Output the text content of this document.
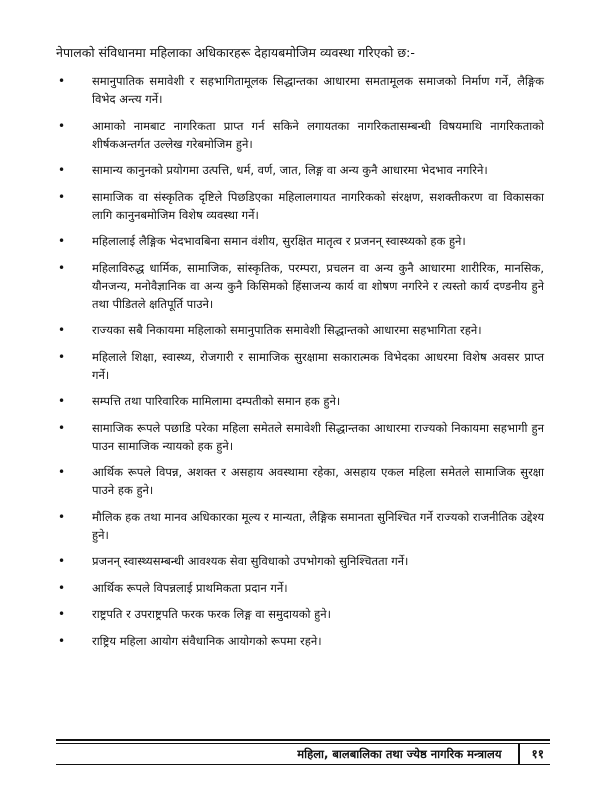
नेपालको संविधानमा महिलाका अधिकारहरू देहायबमोजिम व्यवस्था गरिएको छ:-
• समानुपातिक समावेशी र सहभागितामूलक सिद्धान्तका आधारमा समतामूलक समाजको निर्माण गर्ने, लैङ्गिक विभेद अन्त्य गर्ने।
• आमाको नामबाट नागरिकता प्राप्त गर्न सकिने लगायतका नागरिकतासम्बन्धी विषयमाथि नागरिकताको शीर्षकअन्तर्गत उल्लेख गरेबमोजिम हुने।
• सामान्य कानुनको प्रयोगमा उत्पत्ति, धर्म, वर्ण, जात, लिङ्ग वा अन्य कुनै आधारमा भेदभाव नगरिने।
• सामाजिक वा संस्कृतिक दृष्टिले पिछडिएका महिलालगायत नागरिकको संरक्षण, सशक्तीकरण वा विकासका लागि कानुनबमोजिम विशेष व्यवस्था गर्ने।
• महिलालाई लैङ्गिक भेदभावबिना समान वंशीय, सुरक्षित मातृत्व र प्रजनन् स्वास्थ्यको हक हुने।
• महिलाविरुद्ध धार्मिक, सामाजिक, सांस्कृतिक, परम्परा, प्रचलन वा अन्य कुनै आधारमा शारीरिक, मानसिक, यौनजन्य, मनोवैज्ञानिक वा अन्य कुनै किसिमको हिंसाजन्य कार्य वा शोषण नगरिने र त्यस्तो कार्य दण्डनीय हुने तथा पीडितले क्षतिपूर्ति पाउने।
• राज्यका सबै निकायमा महिलाको समानुपातिक समावेशी सिद्धान्तको आधारमा सहभागिता रहने।
• महिलाले शिक्षा, स्वास्थ्य, रोजगारी र सामाजिक सुरक्षामा सकारात्मक विभेदका आधरमा विशेष अवसर प्राप्त गर्ने।
• सम्पत्ति तथा पारिवारिक मामिलामा दम्पतीको समान हक हुने।
• सामाजिक रूपले पछाडि परेका महिला समेतले समावेशी सिद्धान्तका आधारमा राज्यको निकायमा सहभागी हुन पाउन सामाजिक न्यायको हक हुने।
• आर्थिक रूपले विपन्न, अशक्त र असहाय अवस्थामा रहेका, असहाय एकल महिला समेतले सामाजिक सुरक्षा पाउने हक हुने।
• मौलिक हक तथा मानव अधिकारका मूल्य र मान्यता, लैङ्गिक समानता सुनिश्चित गर्ने राज्यको राजनीतिक उद्देश्य हुने।
• प्रजनन् स्वास्थ्यसम्बन्धी आवश्यक सेवा सुविधाको उपभोगको सुनिश्चितता गर्ने।
• आर्थिक रूपले विपन्नलाई प्राथमिकता प्रदान गर्ने।
• राष्ट्रपति र उपराष्ट्रपति फरक फरक लिङ्ग वा समुदायको हुने।
• राष्ट्रिय महिला आयोग संवैधानिक आयोगको रूपमा रहने।
महिला, बालबालिका तथा ज्येष्ठ नागरिक मन्त्रालय	११
